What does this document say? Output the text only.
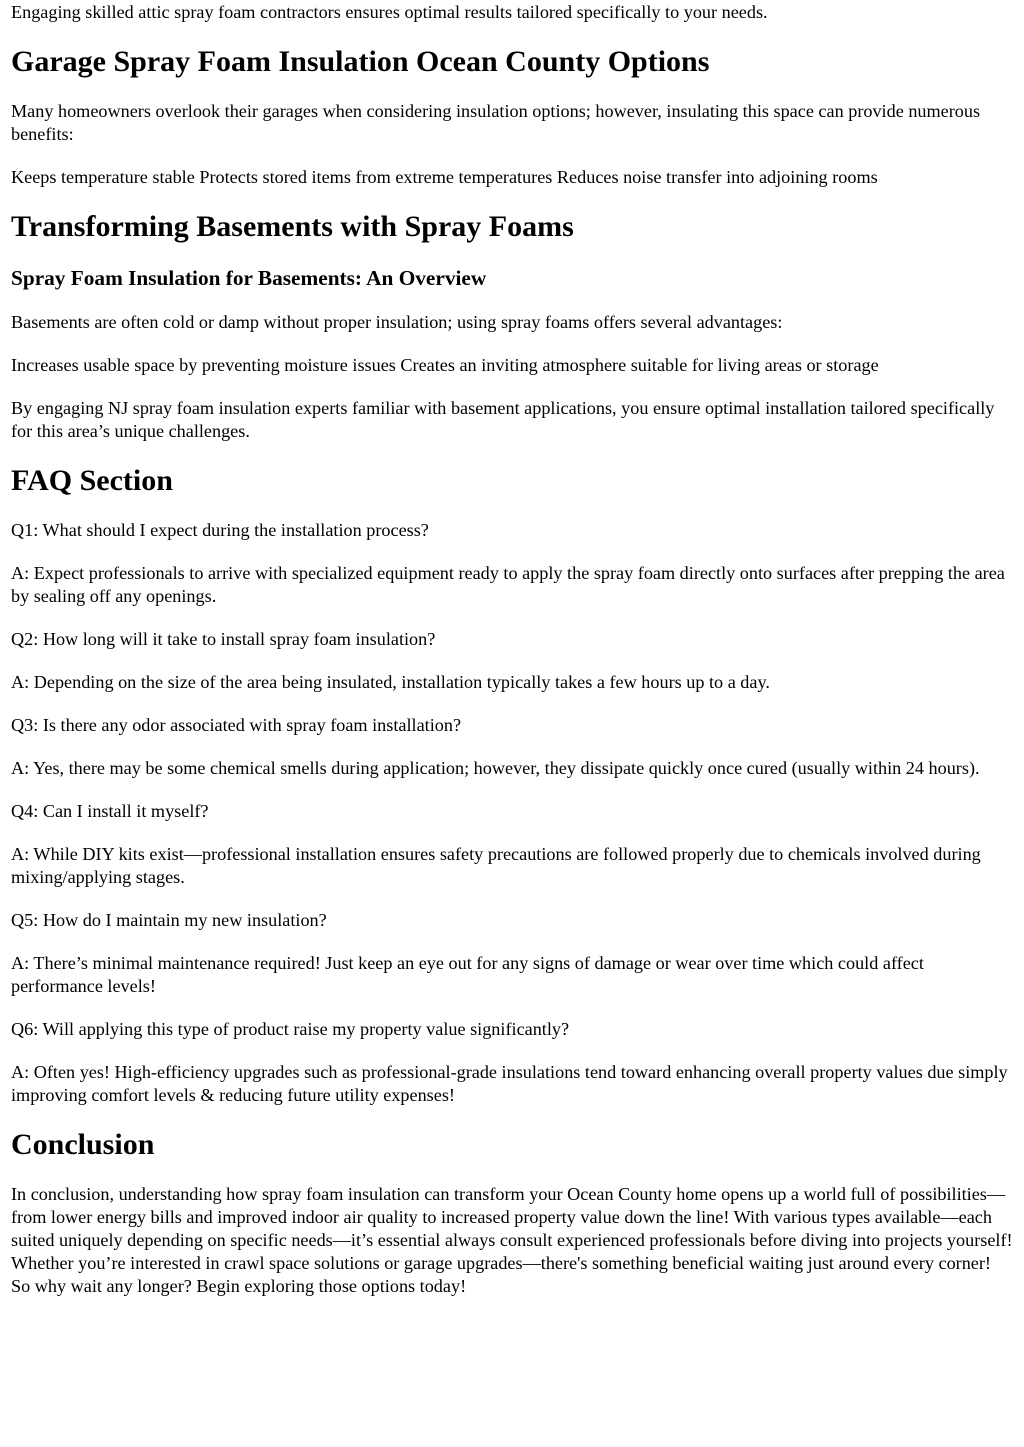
Engaging skilled attic spray foam contractors ensures optimal results tailored specifically to your needs.

Garage Spray Foam Insulation Ocean County Options

Many homeowners overlook their garages when considering insulation options; however, insulating this space can provide numerous benefits:

Keeps temperature stable Protects stored items from extreme temperatures Reduces noise transfer into adjoining rooms

Transforming Basements with Spray Foams
Spray Foam Insulation for Basements: An Overview

Basements are often cold or damp without proper insulation; using spray foams offers several advantages:

Increases usable space by preventing moisture issues Creates an inviting atmosphere suitable for living areas or storage

By engaging NJ spray foam insulation experts familiar with basement applications, you ensure optimal installation tailored specifically for this area’s unique challenges.

FAQ Section

Q1: What should I expect during the installation process?

A: Expect professionals to arrive with specialized equipment ready to apply the spray foam directly onto surfaces after prepping the area by sealing off any openings.

Q2: How long will it take to install spray foam insulation?

A: Depending on the size of the area being insulated, installation typically takes a few hours up to a day.

Q3: Is there any odor associated with spray foam installation?

A: Yes, there may be some chemical smells during application; however, they dissipate quickly once cured (usually within 24 hours).

Q4: Can I install it myself?

A: While DIY kits exist—professional installation ensures safety precautions are followed properly due to chemicals involved during mixing/applying stages.

Q5: How do I maintain my new insulation?

A: There’s minimal maintenance required! Just keep an eye out for any signs of damage or wear over time which could affect performance levels!

Q6: Will applying this type of product raise my property value significantly?

A: Often yes! High-efficiency upgrades such as professional-grade insulations tend toward enhancing overall property values due simply improving comfort levels & reducing future utility expenses!

Conclusion

In conclusion, understanding how spray foam insulation can transform your Ocean County home opens up a world full of possibilities—from lower energy bills and improved indoor air quality to increased property value down the line! With various types available—each suited uniquely depending on specific needs—it’s essential always consult experienced professionals before diving into projects yourself! Whether you’re interested in crawl space solutions or garage upgrades—there's something beneficial waiting just around every corner! So why wait any longer? Begin exploring those options today!
